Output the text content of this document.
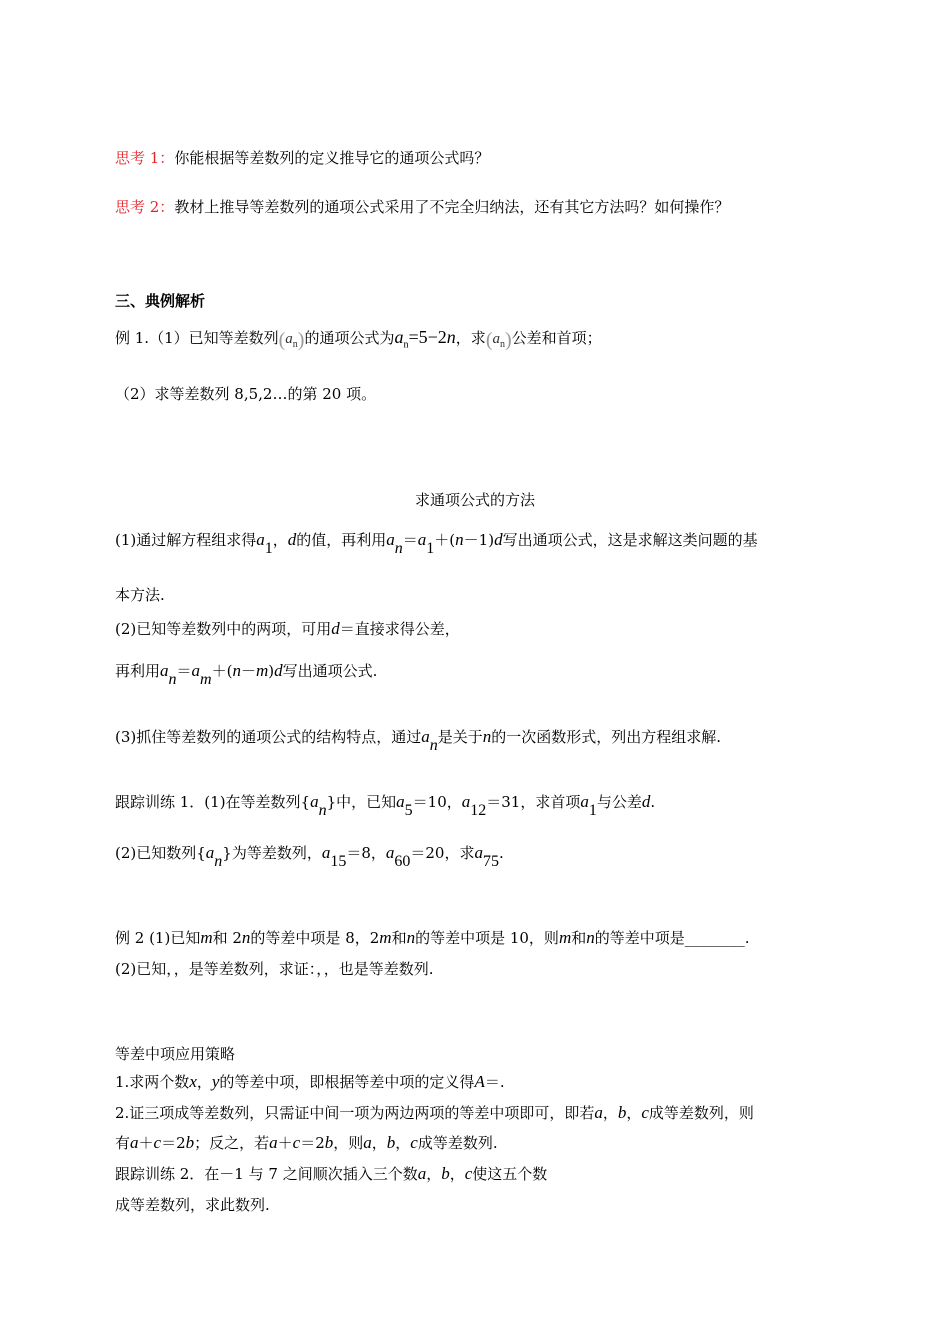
思考 1：你能根据等差数列的定义推导它的通项公式吗？
思考 2：教材上推导等差数列的通项公式采用了不完全归纳法，还有其它方法吗？如何操作？
三、典例解析
例 1.（1）已知等差数列$(a_n)$的通项公式为$a_n=5-2n$，求$(a_n)$公差和首项；
（2）求等差数列 8,5,2…的第 20 项。
求通项公式的方法
(1)通过解方程组求得a1，d的值，再利用an＝a1＋(n－1)d写出通项公式，这是求解这类问题的基
本方法.
(2)已知等差数列中的两项，可用d＝直接求得公差，
再利用an＝am＋(n－m)d写出通项公式.
(3)抓住等差数列的通项公式的结构特点，通过an是关于n的一次函数形式，列出方程组求解.
跟踪训练 1．(1)在等差数列{an}中，已知a5＝10，a12＝31，求首项a1与公差d.
(2)已知数列{an}为等差数列，a15＝8，a60＝20，求a75.
例 2 (1)已知m和 2n的等差中项是 8，2m和n的等差中项是 10，则m和n的等差中项是________.
(2)已知，，是等差数列，求证：，，也是等差数列.
等差中项应用策略
1.求两个数x，y的等差中项，即根据等差中项的定义得A＝.
2.证三项成等差数列，只需证中间一项为两边两项的等差中项即可，即若a，b，c成等差数列，则
有a＋c＝2b；反之，若a＋c＝2b，则a，b，c成等差数列.
跟踪训练 2．在－1 与 7 之间顺次插入三个数a，b，c使这五个数
成等差数列，求此数列.
